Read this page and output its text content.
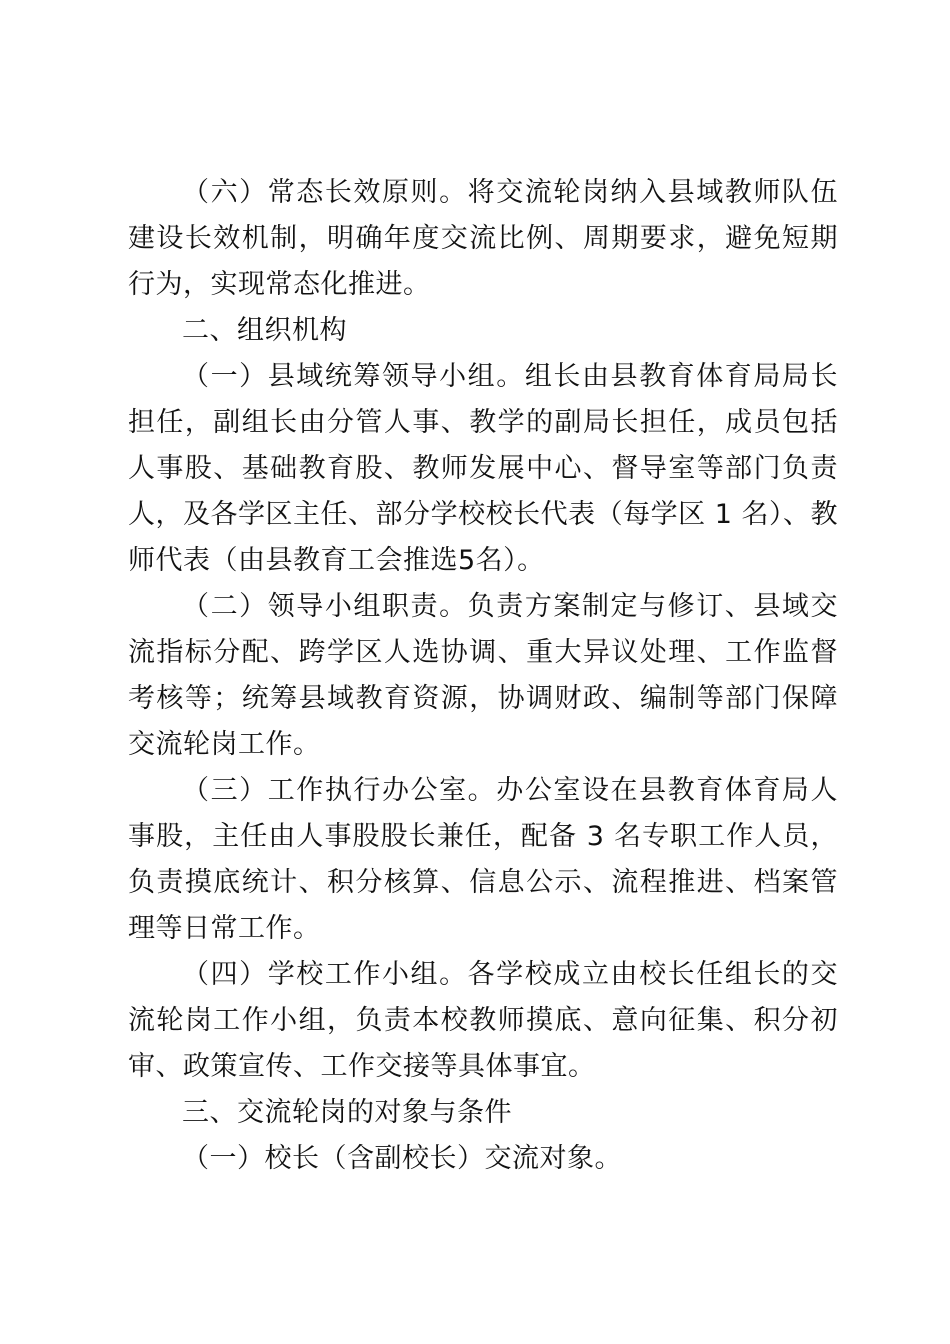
（六）常态长效原则。将交流轮岗纳入县域教师队伍建设长效机制，明确年度交流比例、周期要求，避免短期行为，实现常态化推进。

二、组织机构

（一）县域统筹领导小组。组长由县教育体育局局长担任，副组长由分管人事、教学的副局长担任，成员包括人事股、基础教育股、教师发展中心、督导室等部门负责人，及各学区主任、部分学校校长代表（每学区 1 名）、教师代表（由县教育工会推选5名）。

（二）领导小组职责。负责方案制定与修订、县域交流指标分配、跨学区人选协调、重大异议处理、工作监督考核等；统筹县域教育资源，协调财政、编制等部门保障交流轮岗工作。

（三）工作执行办公室。办公室设在县教育体育局人事股，主任由人事股股长兼任，配备 3 名专职工作人员，负责摸底统计、积分核算、信息公示、流程推进、档案管理等日常工作。

（四）学校工作小组。各学校成立由校长任组长的交流轮岗工作小组，负责本校教师摸底、意向征集、积分初审、政策宣传、工作交接等具体事宜。

三、交流轮岗的对象与条件

（一）校长（含副校长）交流对象。
